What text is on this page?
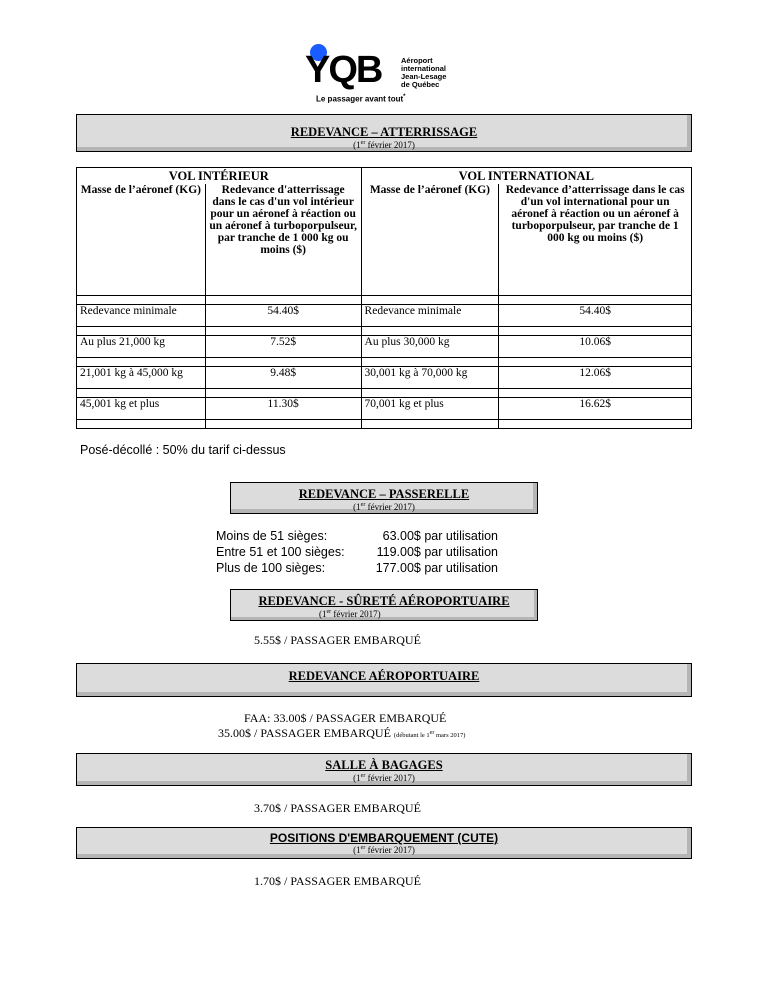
YQB	Aéroport
international
Jean-Lesage
de Québec
Le passager avant tout*
REDEVANCE – ATTERRISSAGE
(1er février 2017)
VOL INTÉRIEUR		VOL INTERNATIONAL	
Masse de l’aéronef (KG)	Redevance d'atterrissage dans le cas d'un vol intérieur pour un aéronef à réaction ou un aéronef à turboporpulseur, par tranche de 1 000 kg ou moins ($)	Masse de l’aéronef (KG)	Redevance d’atterrissage dans le cas d'un vol international pour un aéronef à réaction ou un aéronef à turboporpulseur, par tranche de 1 000 kg ou moins ($)

Redevance minimale	54.40$	Redevance minimale	54.40$

Au plus 21,000 kg	7.52$	Au plus 30,000 kg	10.06$

21,001 kg à 45,000 kg	9.48$	30,001 kg à 70,000 kg	12.06$

45,001 kg et plus	11.30$	70,001 kg et plus	16.62$

Posé-décollé : 50% du tarif ci-dessus
REDEVANCE – PASSERELLE
(1er février 2017)
Moins de 51 sièges:	63.00$ par utilisation
Entre 51 et 100 sièges:	119.00$ par utilisation
Plus de 100 sièges:	177.00$ par utilisation
REDEVANCE - SÛRETÉ AÉROPORTUAIRE
(1er février 2017)
5.55$ / PASSAGER EMBARQUÉ
REDEVANCE AÉROPORTUAIRE
FAA: 33.00$ / PASSAGER EMBARQUÉ
35.00$ / PASSAGER EMBARQUÉ (débutant le 1er mars 2017)
SALLE À BAGAGES
(1er février 2017)
3.70$ / PASSAGER EMBARQUÉ
POSITIONS D'EMBARQUEMENT (CUTE)
(1er février 2017)
1.70$ / PASSAGER EMBARQUÉ
